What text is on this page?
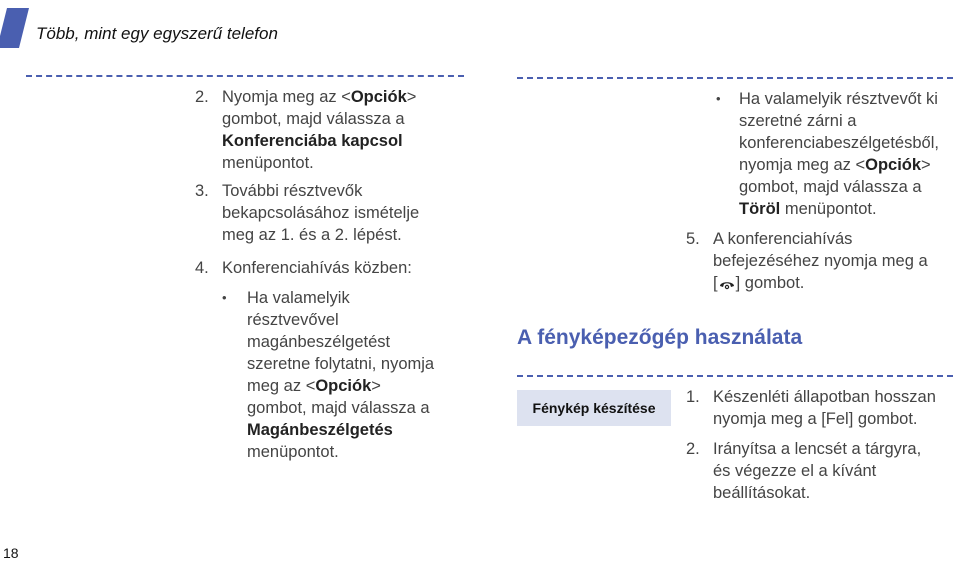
Több, mint egy egyszerű telefon
2. Nyomja meg az <Opciók>
gombot, majd válassza a
Konferenciába kapcsol
menüpontot.
3. További résztvevők
bekapcsolásához ismételje
meg az 1. és a 2. lépést.
4. Konferenciahívás közben:
• Ha valamelyik
résztvevővel
magánbeszélgetést
szeretne folytatni, nyomja
meg az <Opciók>
gombot, majd válassza a
Magánbeszélgetés
menüpontot.
• Ha valamelyik résztvevőt ki
szeretné zárni a
konferenciabeszélgetésből,
nyomja meg az <Opciók>
gombot, majd válassza a
Töröl menüpontot.
5. A konferenciahívás
befejezéséhez nyomja meg a
[ ] gombot.
A fényképezőgép használata
Fénykép készítése
1. Készenléti állapotban hosszan
nyomja meg a [Fel] gombot.
2. Irányítsa a lencsét a tárgyra,
és végezze el a kívánt
beállításokat.
18
